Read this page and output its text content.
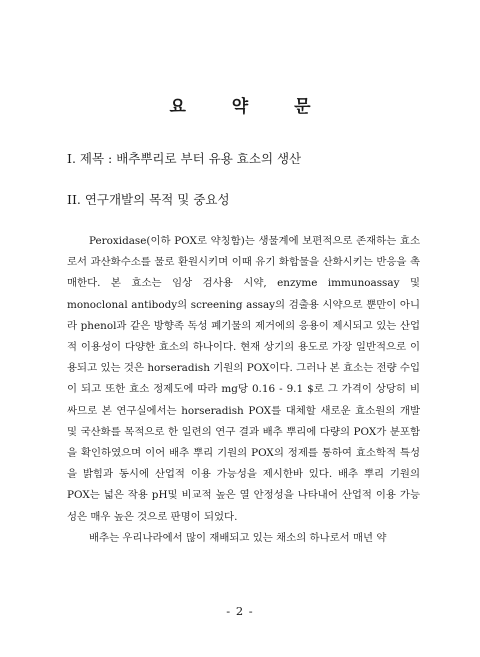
요 약 문
I. 제목 : 배추뿌리로 부터 유용 효소의 생산
II. 연구개발의 목적 및 중요성

Peroxidase(이하 POX로 약칭함)는 생물계에 보편적으로 존재하는 효소로서 과산화수소를 물로 환원시키며 이때 유기 화합물을 산화시키는 반응을 촉매한다. 본 효소는 임상 검사용 시약, enzyme immunoassay 및 monoclonal antibody의 screening assay의 검출용 시약으로 뿐만이 아니라 phenol과 같은 방향족 독성 폐기물의 제거에의 응용이 제시되고 있는 산업적 이용성이 다양한 효소의 하나이다. 현재 상기의 용도로 가장 일반적으로 이용되고 있는 것은 horseradish 기원의 POX이다. 그러나 본 효소는 전량 수입이 되고 또한 효소 정제도에 따라 mg당 0.16 - 9.1 $로 그 가격이 상당히 비싸므로 본 연구실에서는 horseradish POX를 대체할 새로운 효소원의 개발 및 국산화를 목적으로 한 일련의 연구 결과 배추 뿌리에 다량의 POX가 분포함을 확인하였으며 이어 배추 뿌리 기원의 POX의 정제를 통하여 효소학적 특성을 밝힘과 동시에 산업적 이용 가능성을 제시한바 있다. 배추 뿌리 기원의 POX는 넓은 작용 pH및 비교적 높은 열 안정성을 나타내어 산업적 이용 가능성은 매우 높은 것으로 판명이 되었다.

배추는 우리나라에서 많이 재배되고 있는 채소의 하나로서 매년 약

- 2 -
